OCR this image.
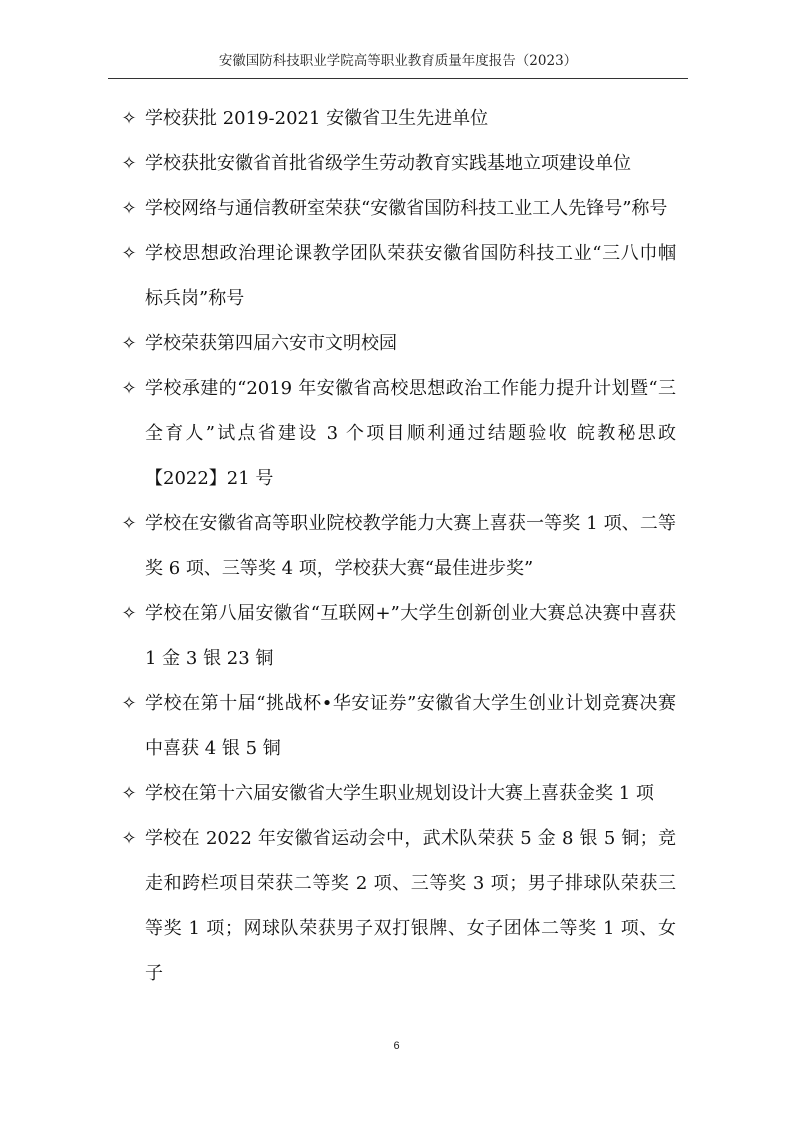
安徽国防科技职业学院高等职业教育质量年度报告（2023）
✧ 学校获批 2019-2021 安徽省卫生先进单位
✧ 学校获批安徽省首批省级学生劳动教育实践基地立项建设单位
✧ 学校网络与通信教研室荣获“安徽省国防科技工业工人先锋号”称号
✧ 学校思想政治理论课教学团队荣获安徽省国防科技工业“三八巾帼标兵岗”称号
✧ 学校荣获第四届六安市文明校园
✧ 学校承建的“2019 年安徽省高校思想政治工作能力提升计划暨“三全育人”试点省建设 3 个项目顺利通过结题验收 皖教秘思政【2022】21 号
✧ 学校在安徽省高等职业院校教学能力大赛上喜获一等奖 1 项、二等奖 6 项、三等奖 4 项，学校获大赛“最佳进步奖”
✧ 学校在第八届安徽省“互联网+”大学生创新创业大赛总决赛中喜获 1 金 3 银 23 铜
✧ 学校在第十届“挑战杯•华安证券”安徽省大学生创业计划竞赛决赛中喜获 4 银 5 铜
✧ 学校在第十六届安徽省大学生职业规划设计大赛上喜获金奖 1 项
✧ 学校在 2022 年安徽省运动会中，武术队荣获 5 金 8 银 5 铜；竞走和跨栏项目荣获二等奖 2 项、三等奖 3 项；男子排球队荣获三等奖 1 项；网球队荣获男子双打银牌、女子团体二等奖 1 项、女子
6
